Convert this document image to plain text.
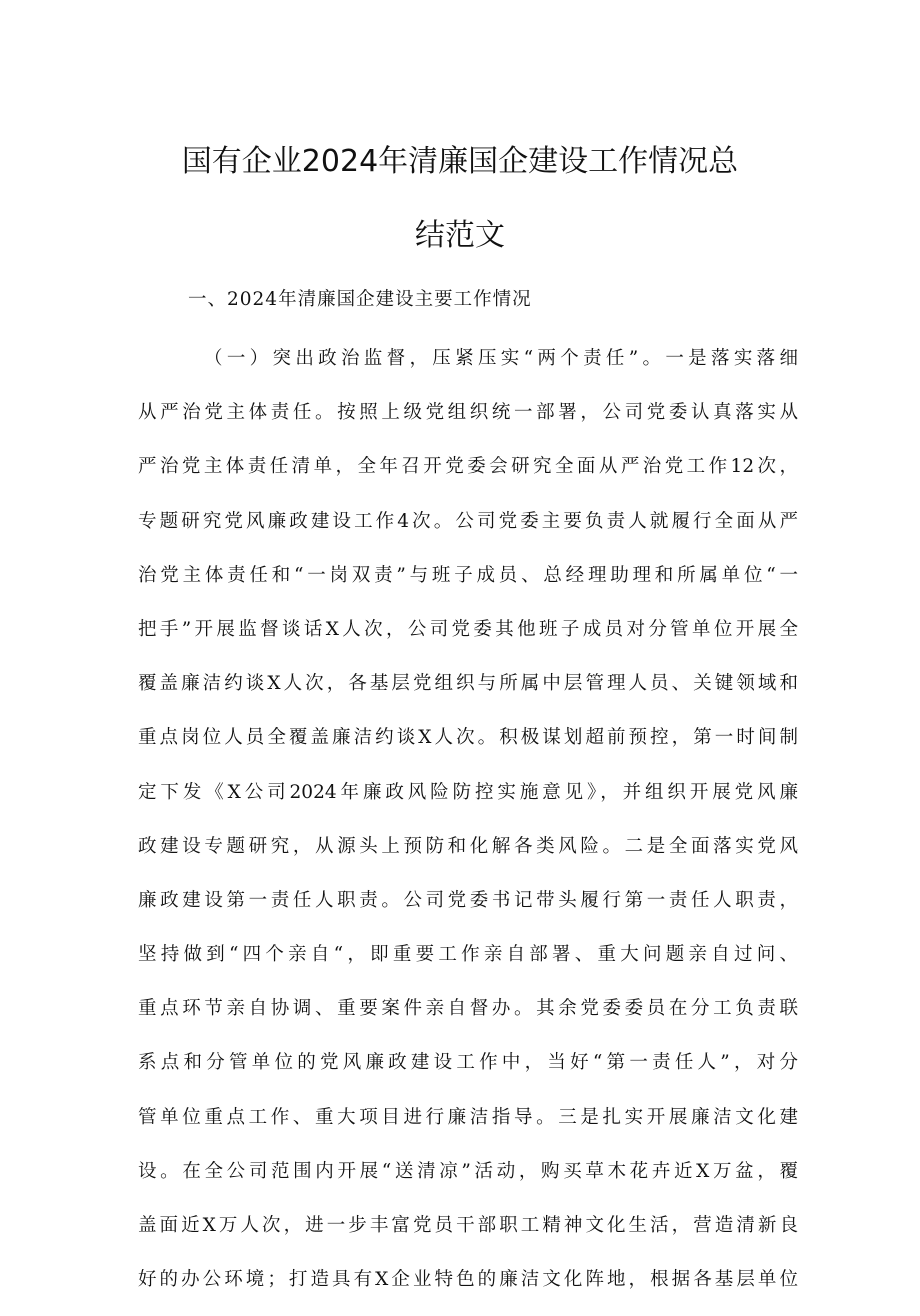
国有企业2024年清廉国企建设工作情况总
结范文
一、2024年清廉国企建设主要工作情况
（一）突出政治监督，压紧压实“两个责任”。一是落实落细
从严治党主体责任。按照上级党组织统一部署，公司党委认真落实从
严治党主体责任清单，全年召开党委会研究全面从严治党工作12次，
专题研究党风廉政建设工作4次。公司党委主要负责人就履行全面从严
治党主体责任和“一岗双责”与班子成员、总经理助理和所属单位“一
把手”开展监督谈话X人次，公司党委其他班子成员对分管单位开展全
覆盖廉洁约谈X人次，各基层党组织与所属中层管理人员、关键领域和
重点岗位人员全覆盖廉洁约谈X人次。积极谋划超前预控，第一时间制
定下发《X公司2024年廉政风险防控实施意见》，并组织开展党风廉
政建设专题研究，从源头上预防和化解各类风险。二是全面落实党风
廉政建设第一责任人职责。公司党委书记带头履行第一责任人职责，
坚持做到“四个亲自“，即重要工作亲自部署、重大问题亲自过问、
重点环节亲自协调、重要案件亲自督办。其余党委委员在分工负责联
系点和分管单位的党风廉政建设工作中，当好“第一责任人”，对分
管单位重点工作、重大项目进行廉洁指导。三是扎实开展廉洁文化建
设。在全公司范围内开展“送清凉”活动，购买草木花卉近X万盆，覆
盖面近X万人次，进一步丰富党员干部职工精神文化生活，营造清新良
好的办公环境；打造具有X企业特色的廉洁文化阵地，根据各基层单位
